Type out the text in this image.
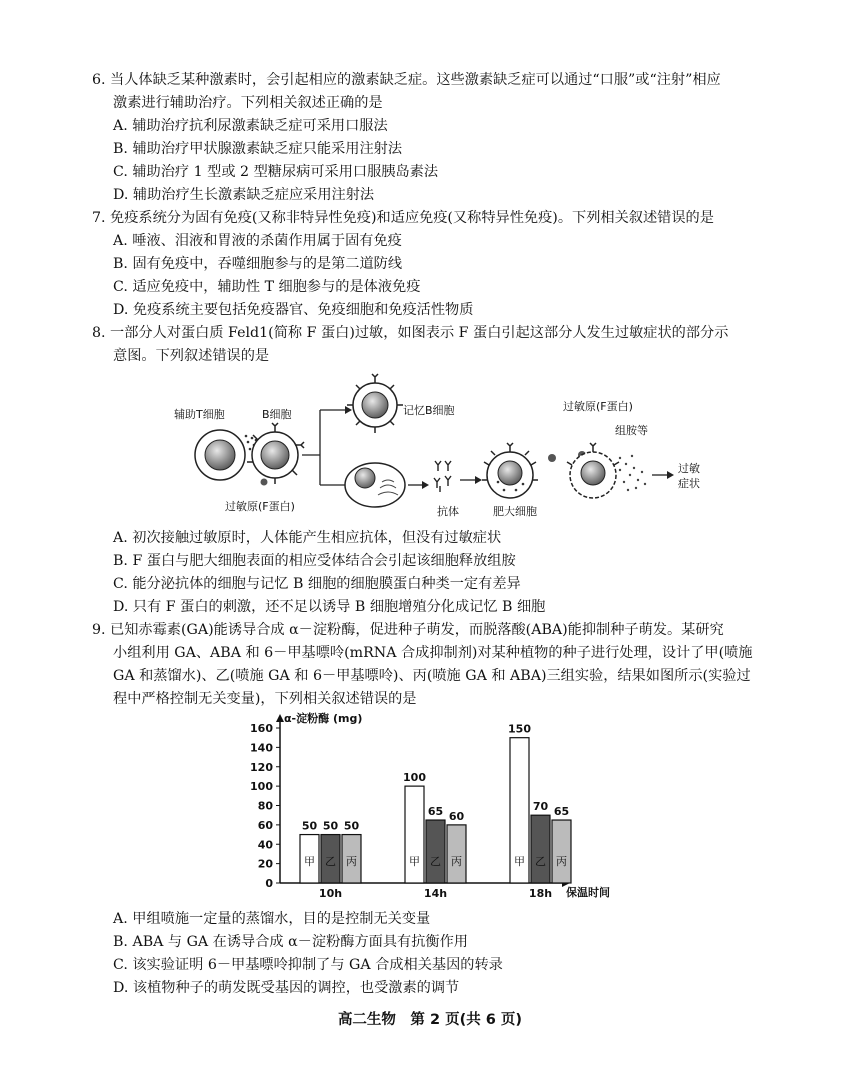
6. 当人体缺乏某种激素时，会引起相应的激素缺乏症。这些激素缺乏症可以通过“口服”或“注射”相应
激素进行辅助治疗。下列相关叙述正确的是
A. 辅助治疗抗利尿激素缺乏症可采用口服法
B. 辅助治疗甲状腺激素缺乏症只能采用注射法
C. 辅助治疗 1 型或 2 型糖尿病可采用口服胰岛素法
D. 辅助治疗生长激素缺乏症应采用注射法
7. 免疫系统分为固有免疫(又称非特异性免疫)和适应免疫(又称特异性免疫)。下列相关叙述错误的是
A. 唾液、泪液和胃液的杀菌作用属于固有免疫
B. 固有免疫中，吞噬细胞参与的是第二道防线
C. 适应免疫中，辅助性 T 细胞参与的是体液免疫
D. 免疫系统主要包括免疫器官、免疫细胞和免疫活性物质
8. 一部分人对蛋白质 Feld1(简称 F 蛋白)过敏，如图表示 F 蛋白引起这部分人发生过敏症状的部分示
意图。下列叙述错误的是
辅助T细胞	B细胞
过敏原(F蛋白)
记忆B细胞
抗体	肥大细胞
过敏原(F蛋白)
组胺等
过敏
症状
A. 初次接触过敏原时，人体能产生相应抗体，但没有过敏症状
B. F 蛋白与肥大细胞表面的相应受体结合会引起该细胞释放组胺
C. 能分泌抗体的细胞与记忆 B 细胞的细胞膜蛋白种类一定有差异
D. 只有 F 蛋白的刺激，还不足以诱导 B 细胞增殖分化成记忆 B 细胞
9. 已知赤霉素(GA)能诱导合成 α－淀粉酶，促进种子萌发，而脱落酸(ABA)能抑制种子萌发。某研究
小组利用 GA、ABA 和 6－甲基嘌呤(mRNA 合成抑制剂)对某种植物的种子进行处理，设计了甲(喷施
GA 和蒸馏水)、乙(喷施 GA 和 6－甲基嘌呤)、丙(喷施 GA 和 ABA)三组实验，结果如图所示(实验过
程中严格控制无关变量)，下列相关叙述错误的是
0
20
40
60
80
100
120
140
160
50
甲
50
乙
50
丙
10h
100
甲
65
乙
60
丙
14h
150
甲
70
乙
65
丙
18h
α-淀粉酶 (mg)
保温时间
A. 甲组喷施一定量的蒸馏水，目的是控制无关变量
B. ABA 与 GA 在诱导合成 α－淀粉酶方面具有抗衡作用
C. 该实验证明 6－甲基嘌呤抑制了与 GA 合成相关基因的转录
D. 该植物种子的萌发既受基因的调控，也受激素的调节
高二生物　第 2 页(共 6 页)
